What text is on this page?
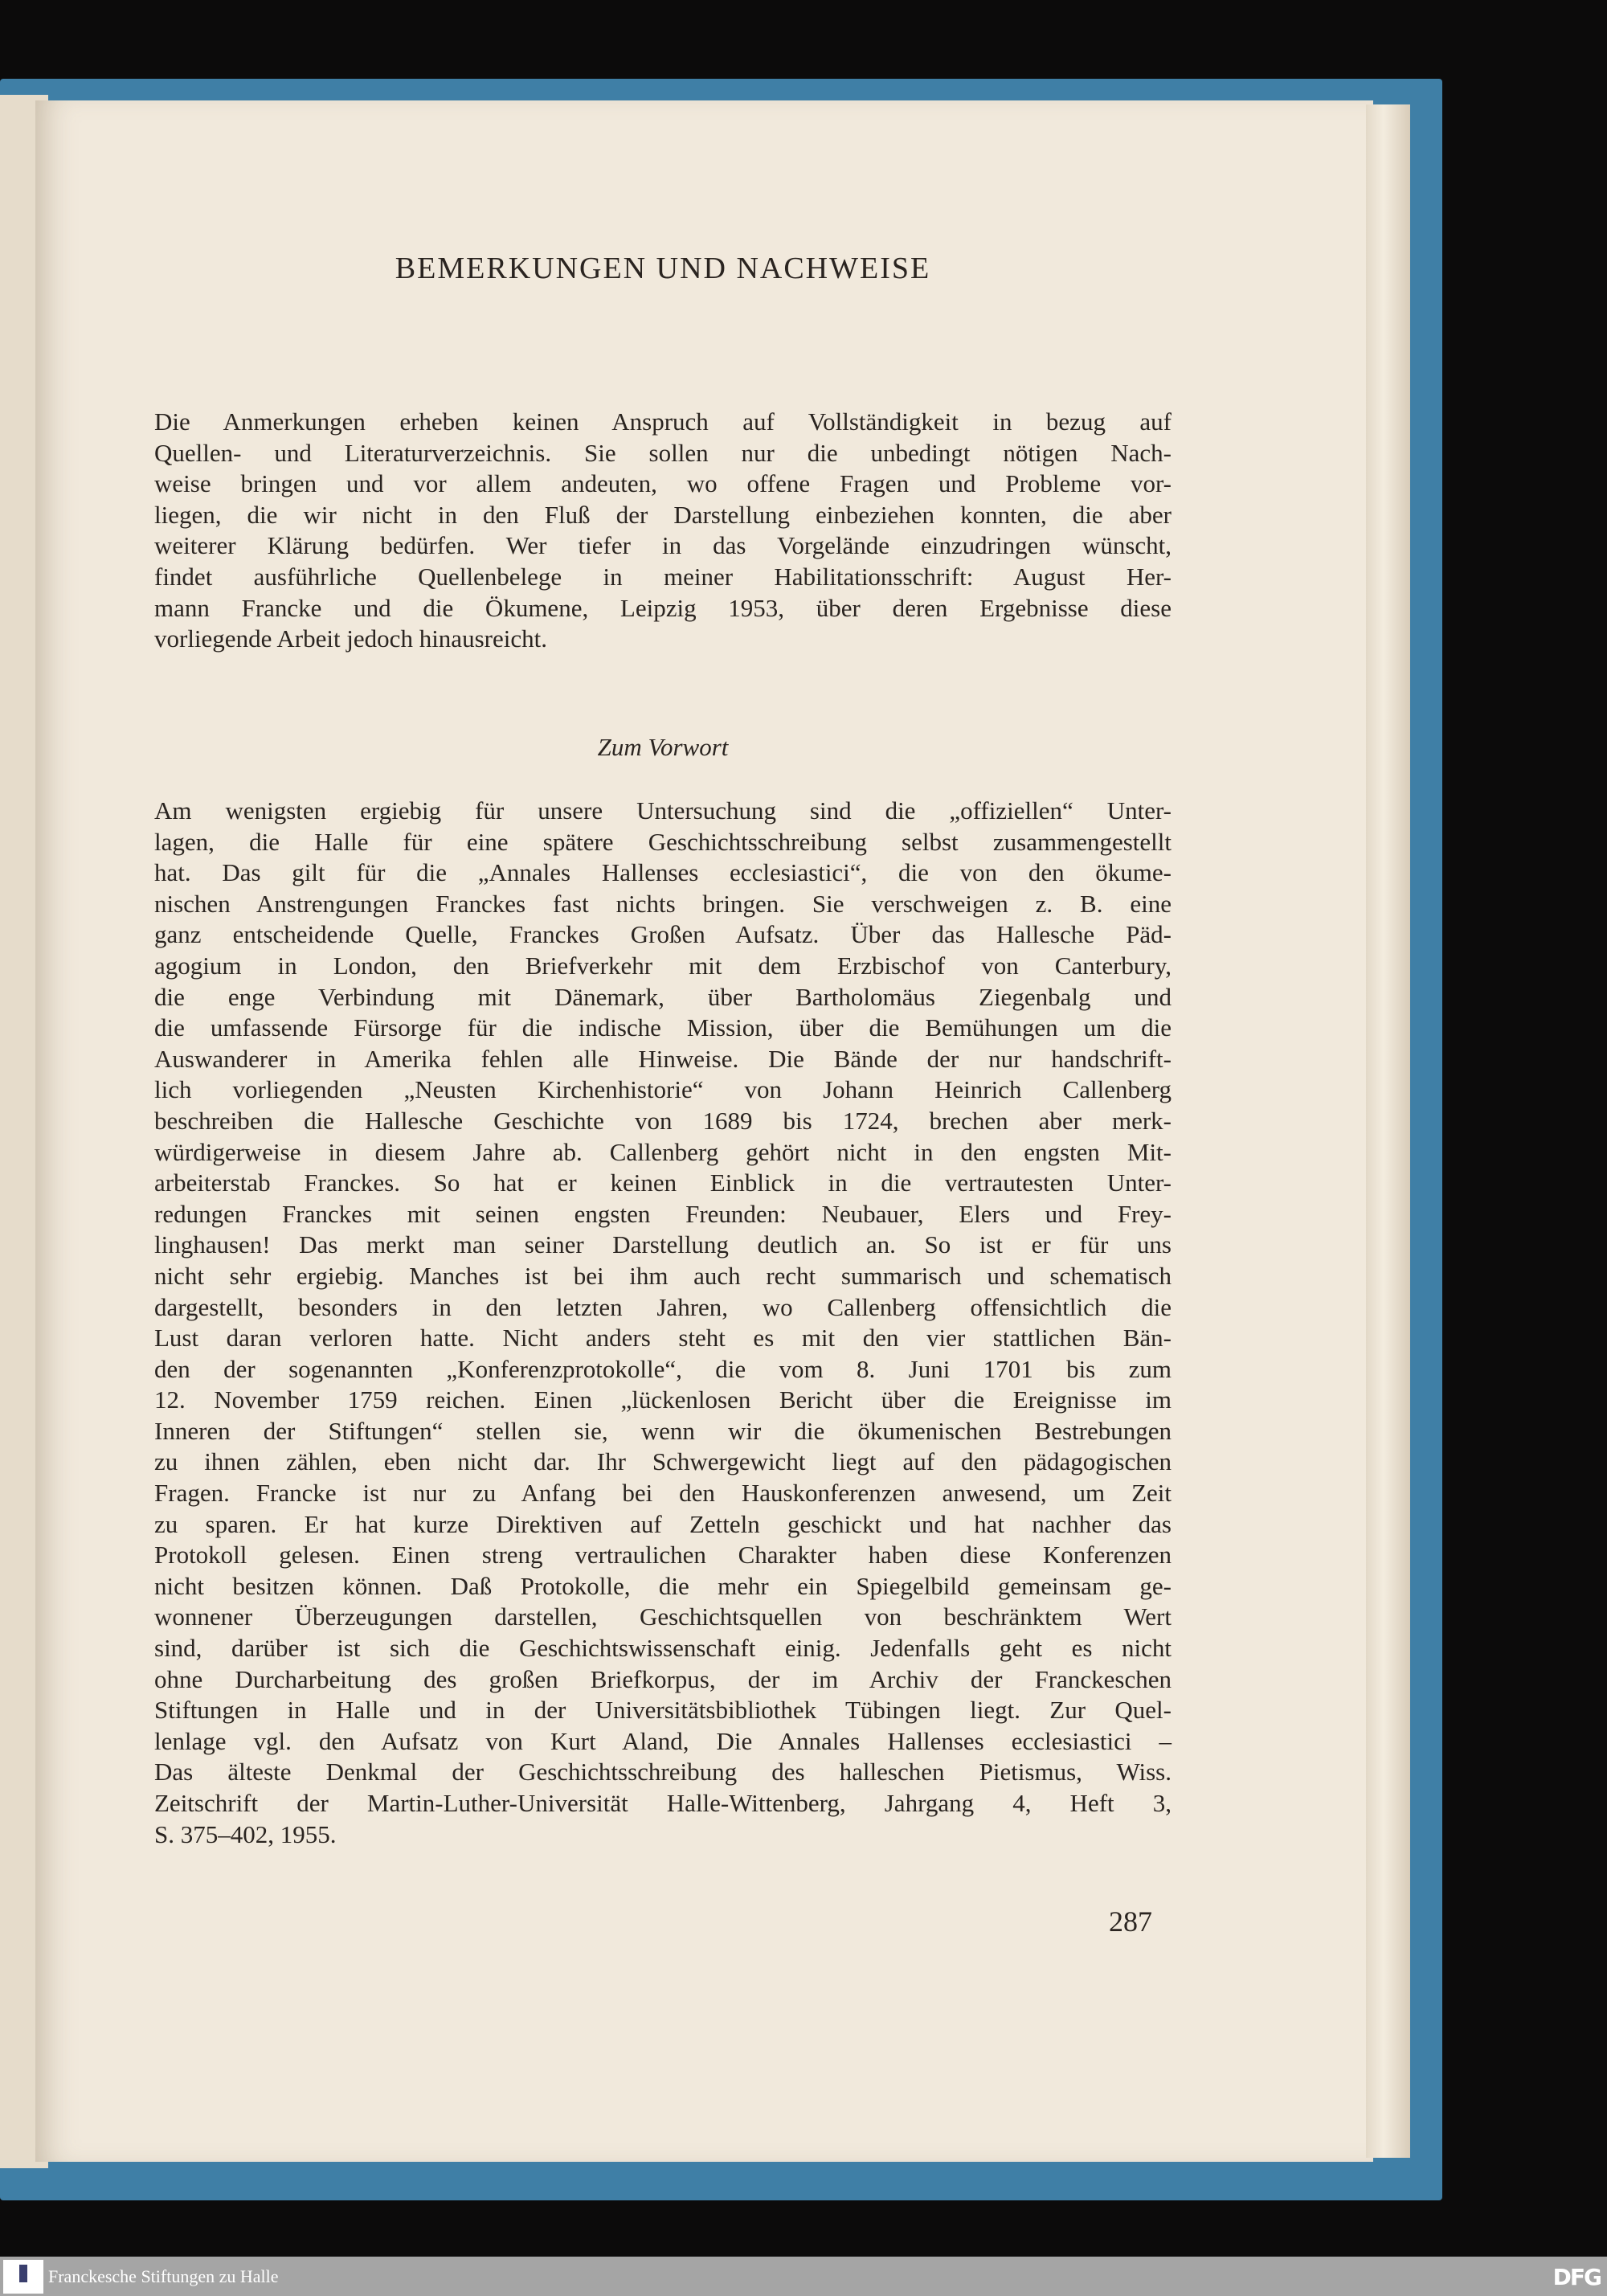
BEMERKUNGEN UND NACHWEISE
Die Anmerkungen erheben keinen Anspruch auf Vollständigkeit in bezug auf
Quellen- und Literaturverzeichnis. Sie sollen nur die unbedingt nötigen Nach-
weise bringen und vor allem andeuten, wo offene Fragen und Probleme vor-
liegen, die wir nicht in den Fluß der Darstellung einbeziehen konnten, die aber
weiterer Klärung bedürfen. Wer tiefer in das Vorgelände einzudringen wünscht,
findet ausführliche Quellenbelege in meiner Habilitationsschrift: August Her-
mann Francke und die Ökumene, Leipzig 1953, über deren Ergebnisse diese
vorliegende Arbeit jedoch hinausreicht.
Zum Vorwort
Am wenigsten ergiebig für unsere Untersuchung sind die „offiziellen“ Unter-
lagen, die Halle für eine spätere Geschichtsschreibung selbst zusammengestellt
hat. Das gilt für die „Annales Hallenses ecclesiastici“, die von den ökume-
nischen Anstrengungen Franckes fast nichts bringen. Sie verschweigen z. B. eine
ganz entscheidende Quelle, Franckes Großen Aufsatz. Über das Hallesche Päd-
agogium in London, den Briefverkehr mit dem Erzbischof von Canterbury,
die enge Verbindung mit Dänemark, über Bartholomäus Ziegenbalg und
die umfassende Fürsorge für die indische Mission, über die Bemühungen um die
Auswanderer in Amerika fehlen alle Hinweise. Die Bände der nur handschrift-
lich vorliegenden „Neusten Kirchenhistorie“ von Johann Heinrich Callenberg
beschreiben die Hallesche Geschichte von 1689 bis 1724, brechen aber merk-
würdigerweise in diesem Jahre ab. Callenberg gehört nicht in den engsten Mit-
arbeiterstab Franckes. So hat er keinen Einblick in die vertrautesten Unter-
redungen Franckes mit seinen engsten Freunden: Neubauer, Elers und Frey-
linghausen! Das merkt man seiner Darstellung deutlich an. So ist er für uns
nicht sehr ergiebig. Manches ist bei ihm auch recht summarisch und schematisch
dargestellt, besonders in den letzten Jahren, wo Callenberg offensichtlich die
Lust daran verloren hatte. Nicht anders steht es mit den vier stattlichen Bän-
den der sogenannten „Konferenzprotokolle“, die vom 8. Juni 1701 bis zum
12. November 1759 reichen. Einen „lückenlosen Bericht über die Ereignisse im
Inneren der Stiftungen“ stellen sie, wenn wir die ökumenischen Bestrebungen
zu ihnen zählen, eben nicht dar. Ihr Schwergewicht liegt auf den pädagogischen
Fragen. Francke ist nur zu Anfang bei den Hauskonferenzen anwesend, um Zeit
zu sparen. Er hat kurze Direktiven auf Zetteln geschickt und hat nachher das
Protokoll gelesen. Einen streng vertraulichen Charakter haben diese Konferenzen
nicht besitzen können. Daß Protokolle, die mehr ein Spiegelbild gemeinsam ge-
wonnener Überzeugungen darstellen, Geschichtsquellen von beschränktem Wert
sind, darüber ist sich die Geschichtswissenschaft einig. Jedenfalls geht es nicht
ohne Durcharbeitung des großen Briefkorpus, der im Archiv der Franckeschen
Stiftungen in Halle und in der Universitätsbibliothek Tübingen liegt. Zur Quel-
lenlage vgl. den Aufsatz von Kurt Aland, Die Annales Hallenses ecclesiastici –
Das älteste Denkmal der Geschichtsschreibung des halleschen Pietismus, Wiss.
Zeitschrift der Martin-Luther-Universität Halle-Wittenberg, Jahrgang 4, Heft 3,
S. 375–402, 1955.
287
Franckesche Stiftungen zu Halle	DFG
